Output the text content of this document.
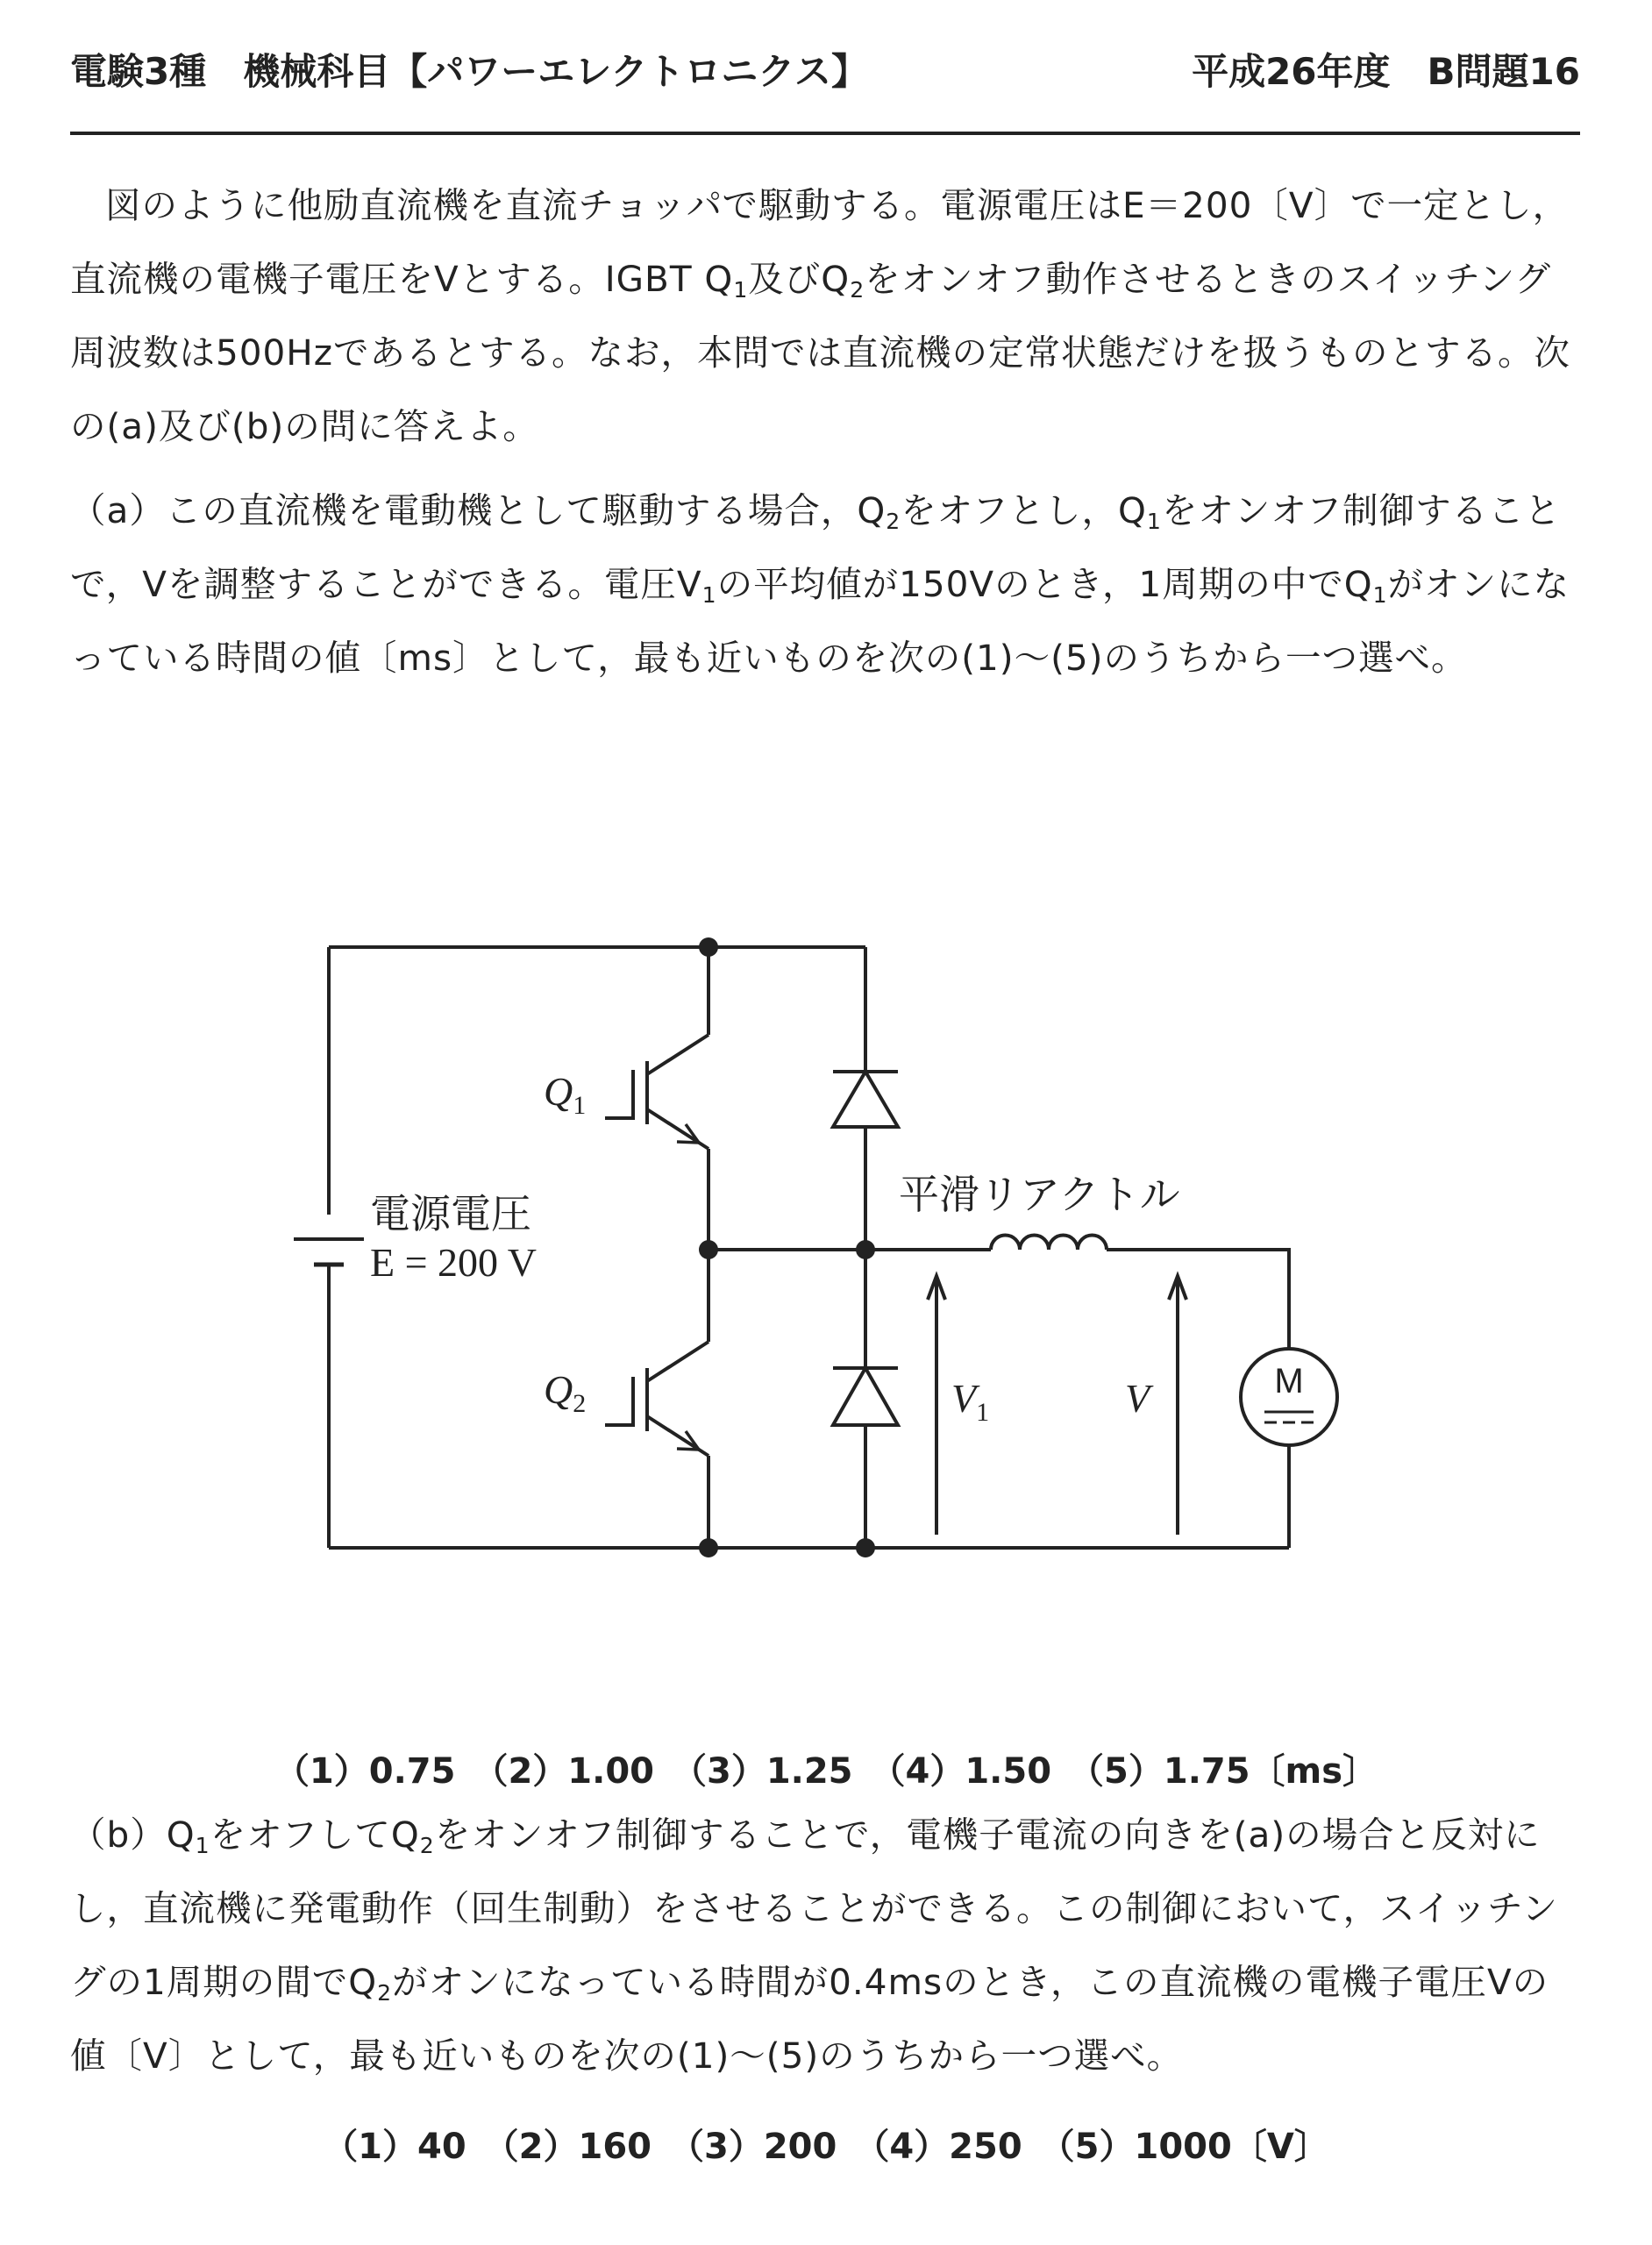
電験3種　機械科目【パワーエレクトロニクス】	平成26年度　B問題16
図のように他励直流機を直流チョッパで駆動する。電源電圧はE＝200〔V〕で一定とし，直流機の電機子電圧をVとする。IGBT $Q_1$及び$Q_2$をオンオフ動作させるときのスイッチング周波数は500Hzであるとする。なお，本問では直流機の定常状態だけを扱うものとする。次の(a)及び(b)の問に答えよ。
（a）この直流機を電動機として駆動する場合，$Q_2$をオフとし，$Q_1$をオンオフ制御することで，Vを調整することができる。電圧$V_1$の平均値が150Vのとき，1周期の中で$Q_1$がオンになっている時間の値〔ms〕として，最も近いものを次の(1)〜(5)のうちから一つ選べ。
M
$Q_1$
$Q_2$
電源電圧
E = 200 V
平滑リアクトル
$V_1$	V
（1）0.75　（2）1.00　（3）1.25　（4）1.50　（5）1.75〔ms〕
$(b)Q_1$をオフして$Q_2$をオンオフ制御することで，電機子電流の向きを(a)の場合と反対にし，直流機に発電動作（回生制動）をさせることができる。この制御において，スイッチングの1周期の間で$Q_2$がオンになっている時間が0.4msのとき，この直流機の電機子電圧Vの値〔V〕として，最も近いものを次の(1)〜(5)のうちから一つ選べ。
（1）40　（2）160　（3）200　（4）250　（5）1000〔V〕
